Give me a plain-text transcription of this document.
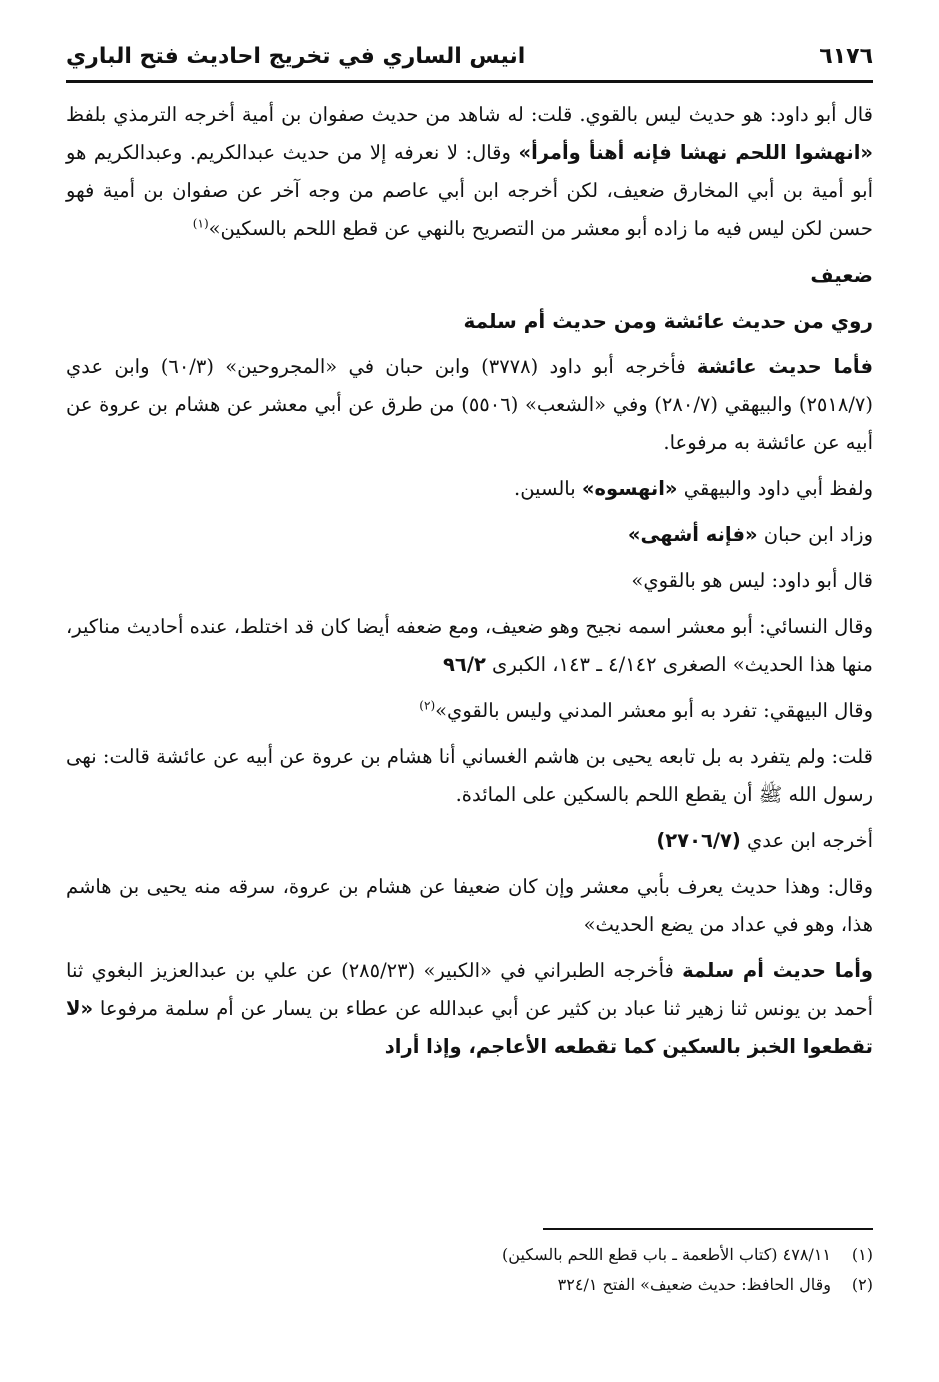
٦١٧٦
انيس الساري في تخريج احاديث فتح الباري

قال أبو داود: هو حديث ليس بالقوي. قلت: له شاهد من حديث صفوان بن أمية أخرجه الترمذي بلفظ «انهشوا اللحم نهشا فإنه أهنأ وأمرأ» وقال: لا نعرفه إلا من حديث عبدالكريم. وعبدالكريم هو أبو أمية بن أبي المخارق ضعيف، لكن أخرجه ابن أبي عاصم من وجه آخر عن صفوان بن أمية فهو حسن لكن ليس فيه ما زاده أبو معشر من التصريح بالنهي عن قطع اللحم بالسكين»$^{(١)}$

ضعيف

روي من حديث عائشة ومن حديث أم سلمة

فأما حديث عائشة فأخرجه أبو داود (٣٧٧٨) وابن حبان في «المجروحين» (٦٠/٣) وابن عدي (٢٥١٨/٧) والبيهقي (٢٨٠/٧) وفي «الشعب» (٥٥٠٦) من طرق عن أبي معشر عن هشام بن عروة عن أبيه عن عائشة به مرفوعا.

ولفظ أبي داود والبيهقي «انهسوه» بالسين.

وزاد ابن حبان «فإنه أشهى»

قال أبو داود: ليس هو بالقوي»

وقال النسائي: أبو معشر اسمه نجيح وهو ضعيف، ومع ضعفه أيضا كان قد اختلط، عنده أحاديث مناكير، منها هذا الحديث» الصغرى ٤/١٤٢ ـ ١٤٣، الكبرى ٩٦/٢

وقال البيهقي: تفرد به أبو معشر المدني وليس بالقوي»$^{(٢)}$

قلت: ولم يتفرد به بل تابعه يحيى بن هاشم الغساني أنا هشام بن عروة عن أبيه عن عائشة قالت: نهى رسول الله ﷺ أن يقطع اللحم بالسكين على المائدة.

أخرجه ابن عدي (٢٧٠٦/٧)

وقال: وهذا حديث يعرف بأبي معشر وإن كان ضعيفا عن هشام بن عروة، سرقه منه يحيى بن هاشم هذا، وهو في عداد من يضع الحديث»

وأما حديث أم سلمة فأخرجه الطبراني في «الكبير» (٢٨٥/٢٣) عن علي بن عبدالعزيز البغوي ثنا أحمد بن يونس ثنا زهير ثنا عباد بن كثير عن أبي عبدالله عن عطاء بن يسار عن أم سلمة مرفوعا «لا تقطعوا الخبز بالسكين كما تقطعه الأعاجم، وإذا أراد

(١)٤٧٨/١١ (كتاب الأطعمة ـ باب قطع اللحم بالسكين)

(٢)وقال الحافظ: حديث ضعيف» الفتح ٣٢٤/١
